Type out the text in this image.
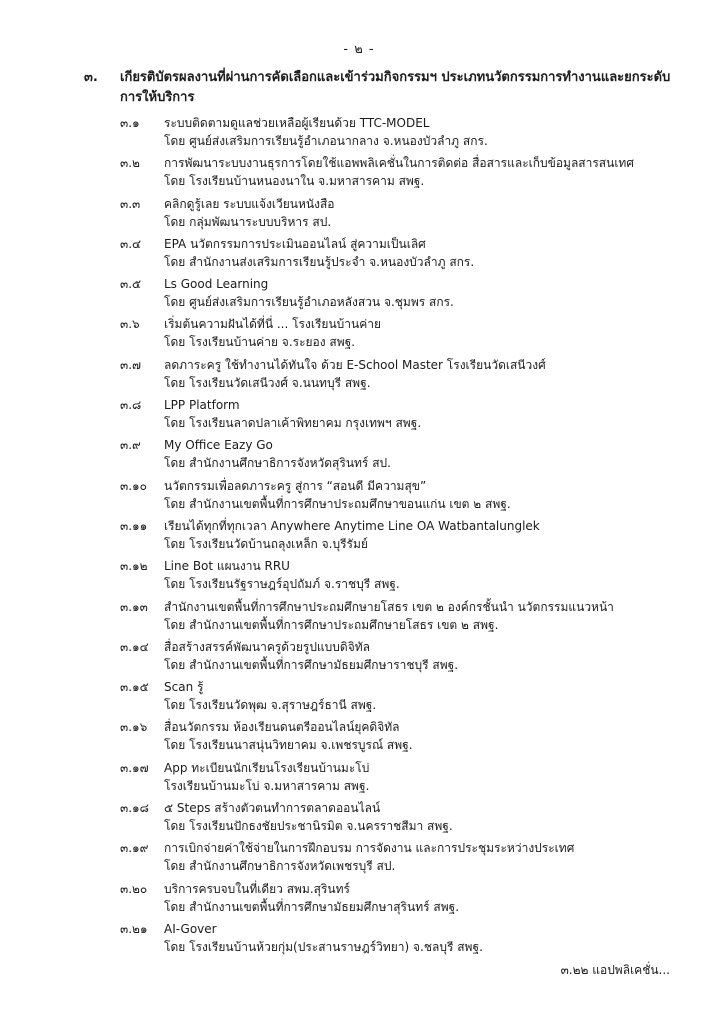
- ๒ -
๓.	เกียรติบัตรผลงานที่ผ่านการคัดเลือกและเข้าร่วมกิจกรรมฯ ประเภทนวัตกรรมการทำงานและยกระดับการให้บริการ
๓.๑ ระบบติดตามดูแลช่วยเหลือผู้เรียนด้วย TTC-MODEL
โดย ศูนย์ส่งเสริมการเรียนรู้อำเภอนากลาง จ.หนองบัวลำภู สกร.
๓.๒ การพัฒนาระบบงานธุรการโดยใช้แอพพลิเคชั่นในการติดต่อ สื่อสารและเก็บข้อมูลสารสนเทศ
โดย โรงเรียนบ้านหนองนาใน จ.มหาสารคาม สพฐ.
๓.๓ คลิกดูรู้เลย ระบบแจ้งเวียนหนังสือ
โดย กลุ่มพัฒนาระบบบริหาร สป.
๓.๔ EPA นวัตกรรมการประเมินออนไลน์ สู่ความเป็นเลิศ
โดย สำนักงานส่งเสริมการเรียนรู้ประจำ จ.หนองบัวลำภู สกร.
๓.๕ Ls Good Learning
โดย ศูนย์ส่งเสริมการเรียนรู้อำเภอหลังสวน จ.ชุมพร สกร.
๓.๖ เริ่มต้นความฝันได้ที่นี่ ... โรงเรียนบ้านค่าย
โดย โรงเรียนบ้านค่าย จ.ระยอง สพฐ.
๓.๗ ลดภาระครู ใช้ทำงานได้ทันใจ ด้วย E-School Master โรงเรียนวัดเสนีวงศ์
โดย โรงเรียนวัดเสนีวงศ์ จ.นนทบุรี สพฐ.
๓.๘ LPP Platform
โดย โรงเรียนลาดปลาเค้าพิทยาคม กรุงเทพฯ สพฐ.
๓.๙ My Office Eazy Go
โดย สำนักงานศึกษาธิการจังหวัดสุรินทร์ สป.
๓.๑๐ นวัตกรรมเพื่อลดภาระครู สู่การ “สอนดี มีความสุข”
โดย สำนักงานเขตพื้นที่การศึกษาประถมศึกษาขอนแก่น เขต ๒ สพฐ.
๓.๑๑ เรียนได้ทุกที่ทุกเวลา Anywhere Anytime Line OA Watbantalunglek
โดย โรงเรียนวัดบ้านถลุงเหล็ก จ.บุรีรัมย์
๓.๑๒ Line Bot แผนงาน RRU
โดย โรงเรียนรัฐราษฎร์อุปถัมภ์ จ.ราชบุรี สพฐ.
๓.๑๓ สำนักงานเขตพื้นที่การศึกษาประถมศึกษายโสธร เขต ๒ องค์กรชั้นนำ นวัตกรรมแนวหน้า
โดย สำนักงานเขตพื้นที่การศึกษาประถมศึกษายโสธร เขต ๒ สพฐ.
๓.๑๔ สื่อสร้างสรรค์พัฒนาครูด้วยรูปแบบดิจิทัล
โดย สำนักงานเขตพื้นที่การศึกษามัธยมศึกษาราชบุรี สพฐ.
๓.๑๕ Scan รู้
โดย โรงเรียนวัดพุฒ จ.สุราษฎร์ธานี สพฐ.
๓.๑๖ สื่อนวัตกรรม ห้องเรียนดนตรีออนไลน์ยุคดิจิทัล
โดย โรงเรียนนาสนุ่นวิทยาคม จ.เพชรบูรณ์ สพฐ.
๓.๑๗ App ทะเบียนนักเรียนโรงเรียนบ้านมะโบ่
โรงเรียนบ้านมะโบ่ จ.มหาสารคาม สพฐ.
๓.๑๘ ๕ Steps สร้างตัวตนทำการตลาดออนไลน์
โดย โรงเรียนปักธงชัยประชานิรมิต จ.นครราชสีมา สพฐ.
๓.๑๙ การเบิกจ่ายค่าใช้จ่ายในการฝึกอบรม การจัดงาน และการประชุมระหว่างประเทศ
โดย สำนักงานศึกษาธิการจังหวัดเพชรบุรี สป.
๓.๒๐ บริการครบจบในที่เดียว สพม.สุรินทร์
โดย สำนักงานเขตพื้นที่การศึกษามัธยมศึกษาสุรินทร์ สพฐ.
๓.๒๑ AI-Gover
โดย โรงเรียนบ้านห้วยกุ่ม(ประสานราษฎร์วิทยา) จ.ชลบุรี สพฐ.
๓.๒๒ แอปพลิเคชั่น...
